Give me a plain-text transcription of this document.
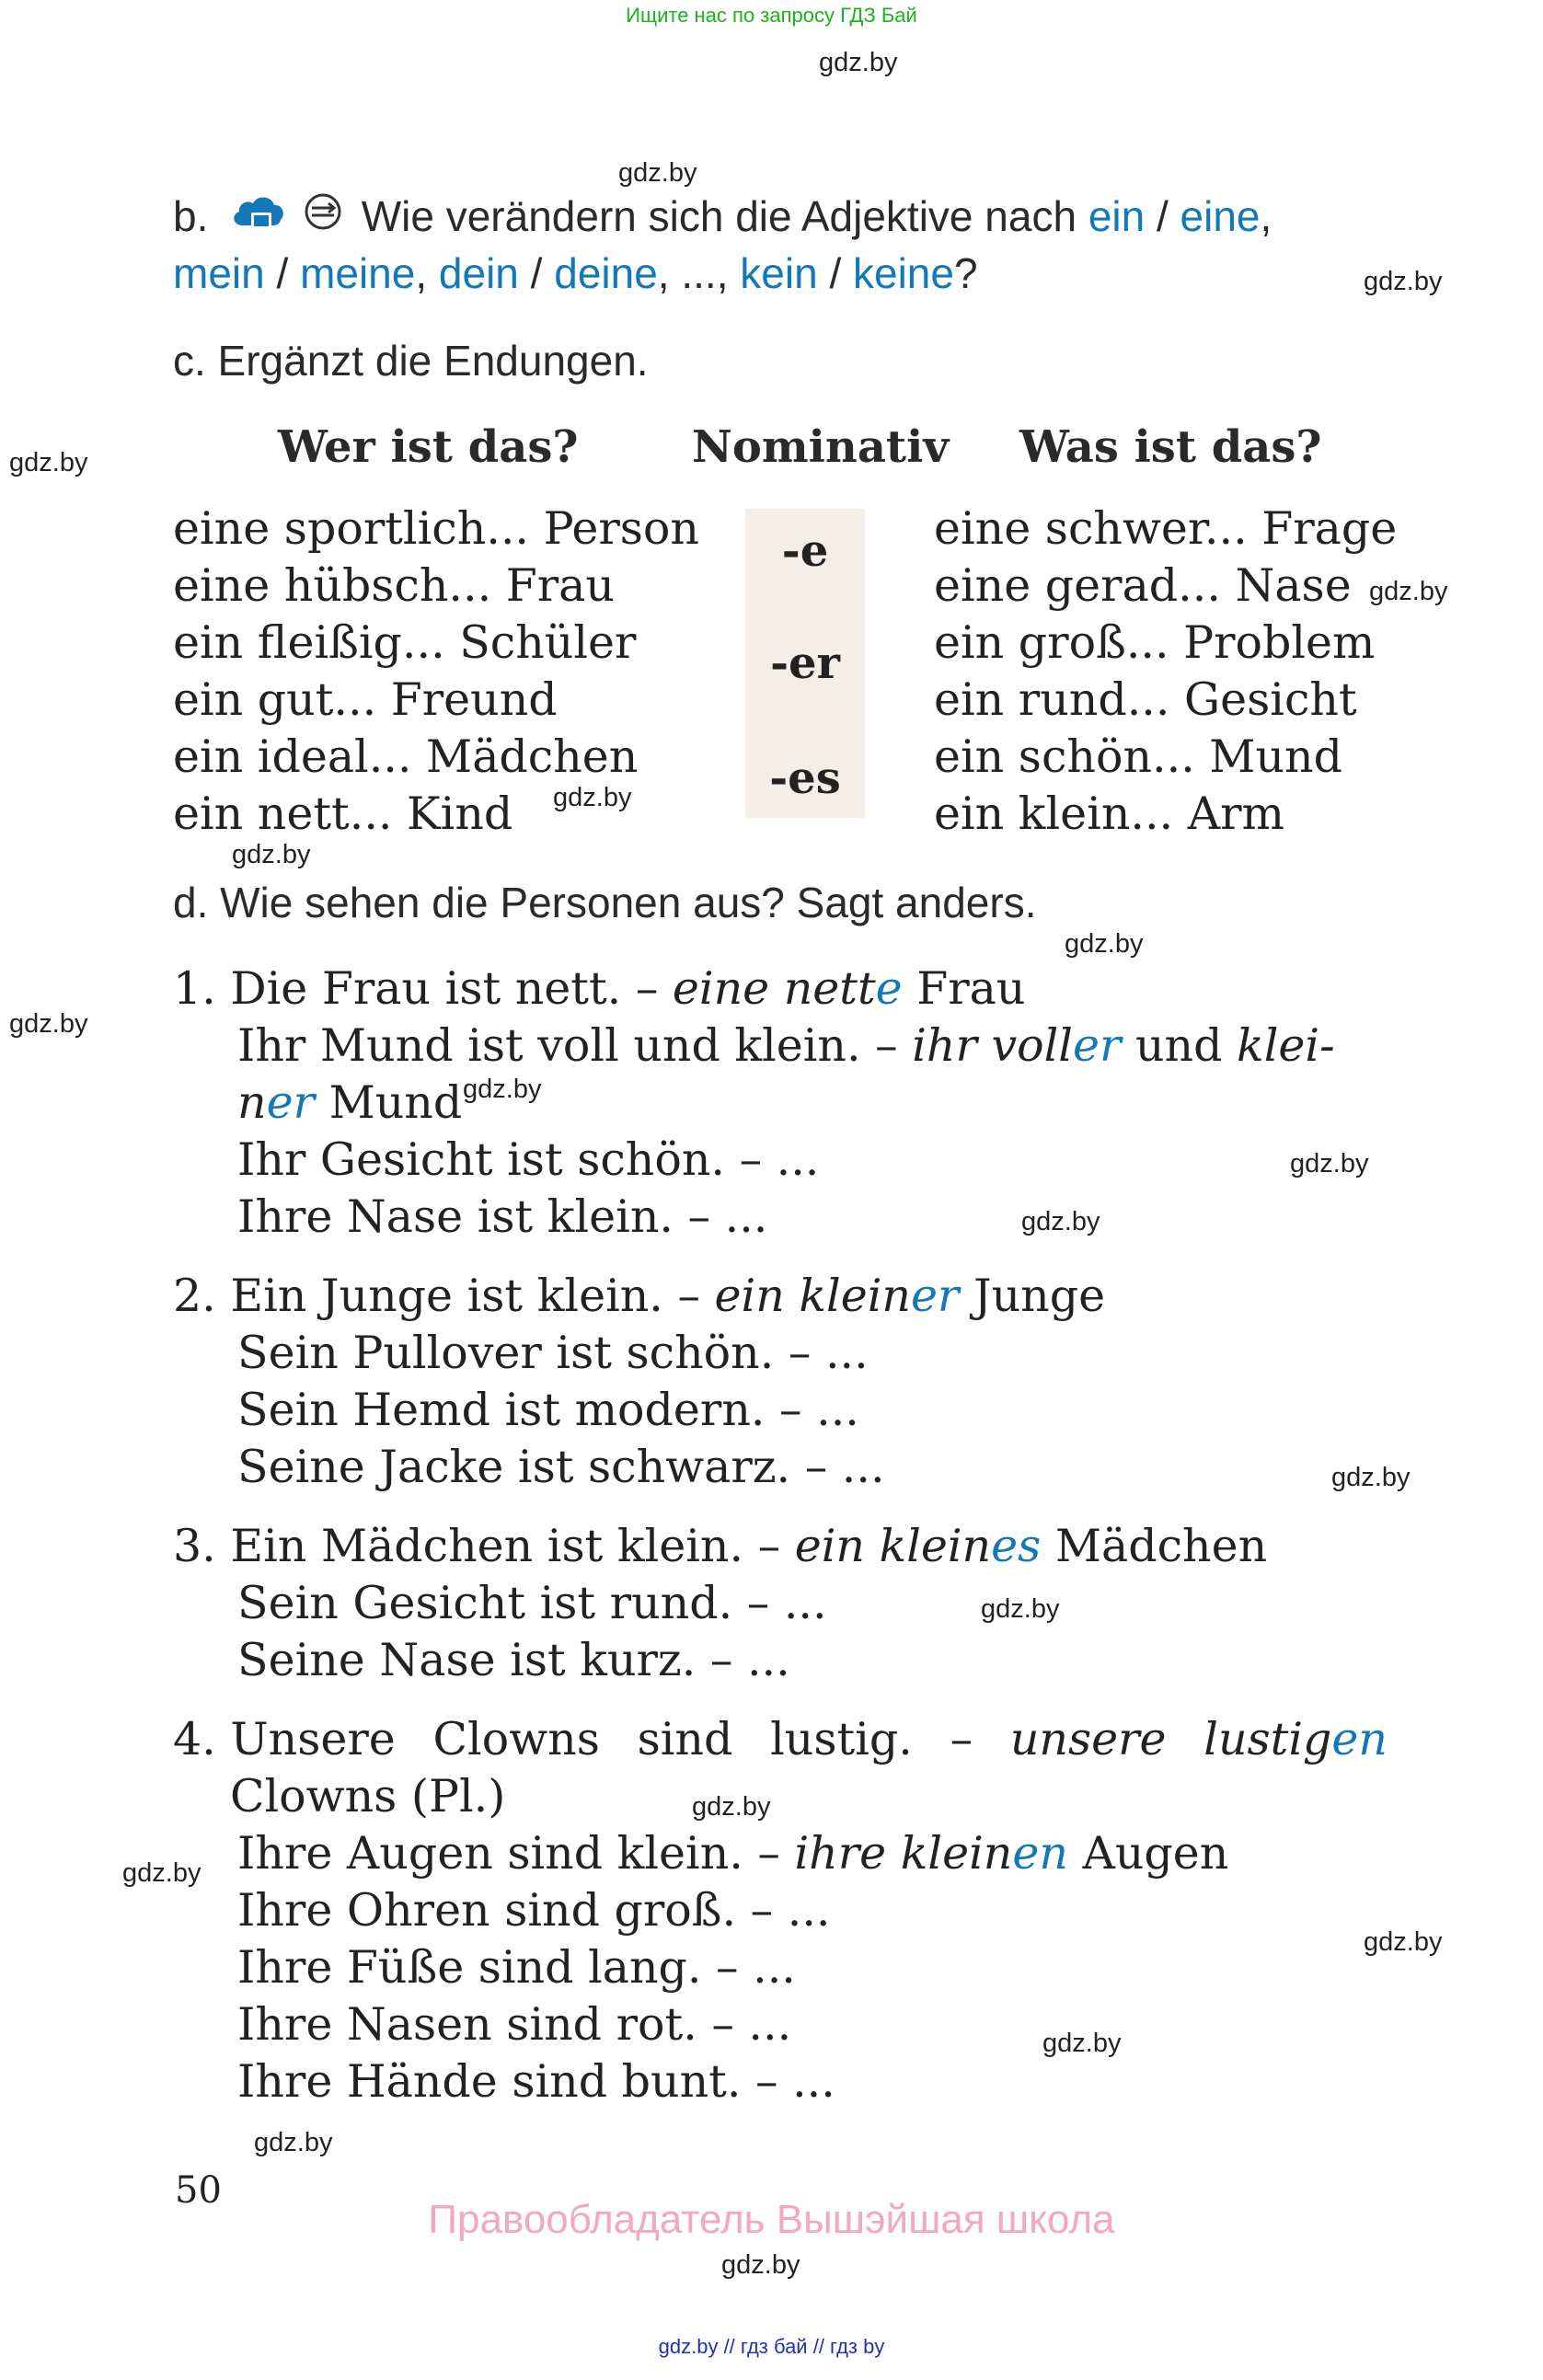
Ищите нас по запросу ГДЗ Бай
gdz.by
gdz.by
gdz.by
gdz.by
gdz.by
gdz.by
gdz.by
gdz.by
gdz.by
gdz.by
gdz.by
gdz.by
gdz.by
gdz.by
gdz.by
gdz.by
gdz.by
gdz.by
gdz.by
gdz.by
b.	Wie verändern sich die Adjektive nach ein / eine,
mein / meine, dein / deine, ..., kein / keine?
c. Ergänzt die Endungen.
Wer ist das?	Nominativ Was ist das?
eine sportlich... Person
eine hübsch... Frau
ein fleißig... Schüler
ein gut... Freund
ein ideal... Mädchen
ein nett... Kind
-e
-er
-es
eine schwer... Frage
eine gerad... Nase
ein groß... Problem
ein rund... Gesicht
ein schön... Mund
ein klein... Arm
d. Wie sehen die Personen aus? Sagt anders.
1. Die Frau ist nett. – eine nette Frau
Ihr Mund ist voll und klein. – ihr voller und klei-
ner Mund
Ihr Gesicht ist schön. – ...
Ihre Nase ist klein. – ...
2. Ein Junge ist klein. – ein kleiner Junge
Sein Pullover ist schön. – ...
Sein Hemd ist modern. – ...
Seine Jacke ist schwarz. – ...
3. Ein Mädchen ist klein. – ein kleines Mädchen
Sein Gesicht ist rund. – ...
Seine Nase ist kurz. – ...
4. Unsere Clowns sind lustig. – unsere lustigen
Clowns (Pl.)
Ihre Augen sind klein. – ihre kleinen Augen
Ihre Ohren sind groß. – ...
Ihre Füße sind lang. – ...
Ihre Nasen sind rot. – ...
Ihre Hände sind bunt. – ...
50
Правообладатель Вышэйшая школа
gdz.by // гдз бай // гдз by
